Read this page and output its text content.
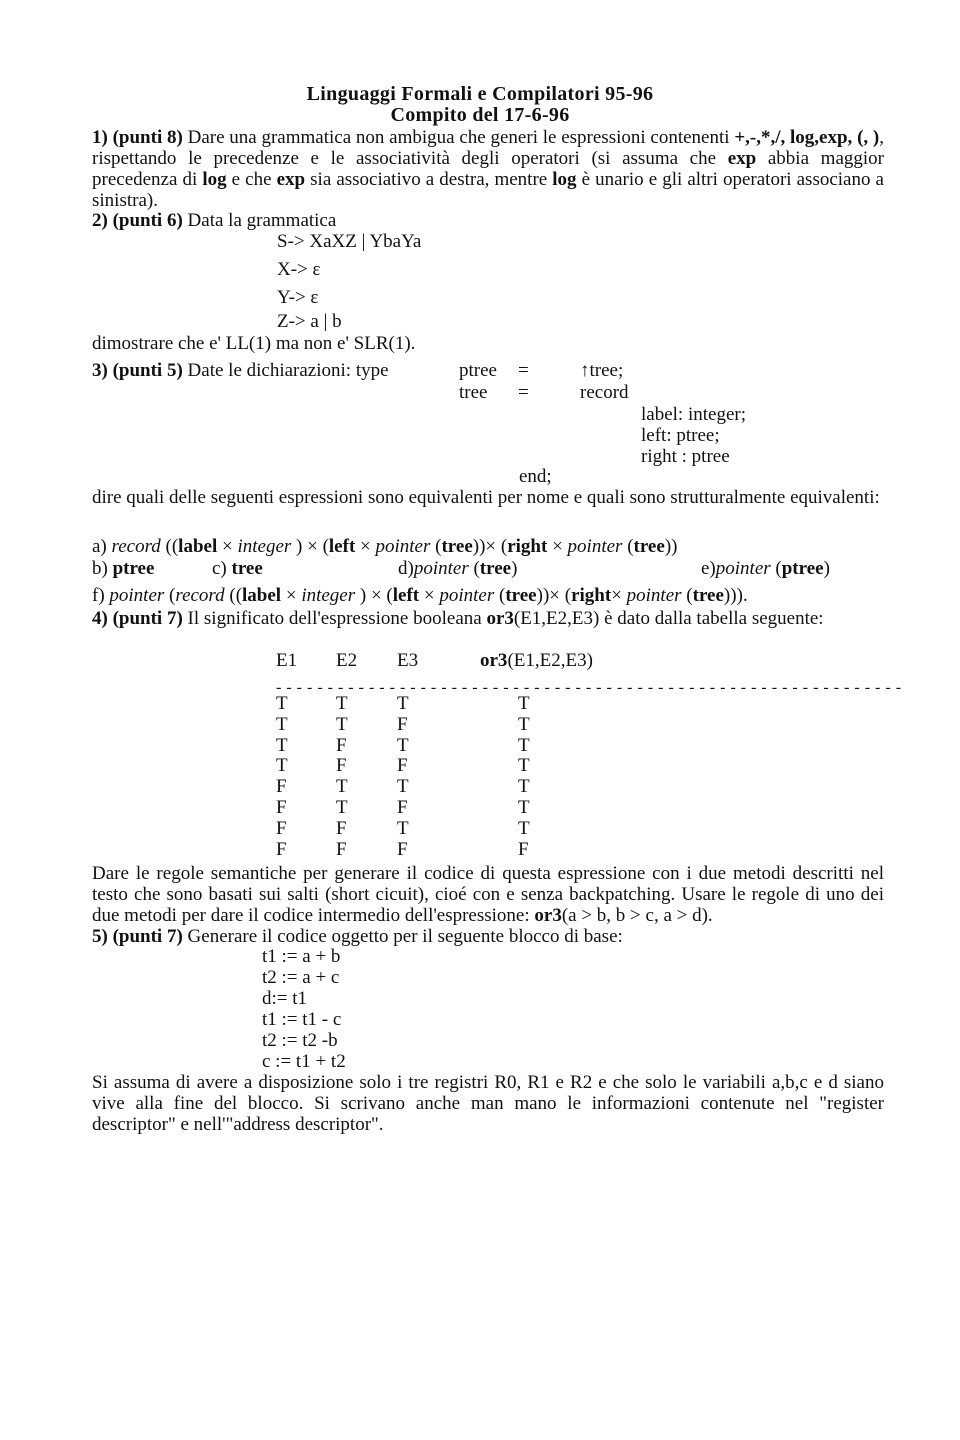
Linguaggi Formali e Compilatori 95-96
Compito del 17-6-96
1) (punti 8) Dare una grammatica non ambigua che generi le espressioni contenenti +,-,*,/, log,exp, (, ), rispettando le precedenze e le associatività degli operatori (si assuma che exp abbia maggior precedenza di log e che exp sia associativo a destra, mentre log è unario e gli altri operatori associano a sinistra).
2) (punti 6) Data la grammatica
S-> XaXZ | YbaYa
X-> ε
Y-> ε
Z-> a | b
dimostrare che e' LL(1) ma non e' SLR(1).
3) (punti 5) Date le dichiarazioni: type	ptree =	↑tree;
tree =	record
label: integer;
left: ptree;
right : ptree
end;
dire quali delle seguenti espressioni sono equivalenti per nome e quali sono strutturalmente equivalenti:
a) record ((label × integer ) × (left × pointer (tree))× (right × pointer (tree))
b) ptree	c) tree	d)pointer (tree)	e)pointer (ptree)
f) pointer (record ((label × integer ) × (left × pointer (tree))× (right× pointer (tree))).
4) (punti 7) Il significato dell'espressione booleana or3(E1,E2,E3) è dato dalla tabella seguente:
E1 E2 E3	or3(E1,E2,E3)
- - - - - - - - - - - - - - - - - - - - - - - - - - - - - - - - - - - - - - - - - - - - - - - - - - - - - - - - - - - - -
T	T	T	T
T	T	F	T
T	F	T	T
T	F	F	T
F	T	T	T
F	T	F	T
F	F	T	T
F	F	F	F
Dare le regole semantiche per generare il codice di questa espressione con i due metodi descritti nel testo che sono basati sui salti (short cicuit), cioé con e senza backpatching. Usare le regole di uno dei due metodi per dare il codice intermedio dell'espressione: or3(a > b, b > c, a > d).
5) (punti 7) Generare il codice oggetto per il seguente blocco di base:
t1 := a + b
t2 := a + c
d:= t1
t1 := t1 - c
t2 := t2 -b
c := t1 + t2
Si assuma di avere a disposizione solo i tre registri R0, R1 e R2 e che solo le variabili a,b,c e d siano vive alla fine del blocco. Si scrivano anche man mano le informazioni contenute nel "register descriptor" e nell'"address descriptor".
